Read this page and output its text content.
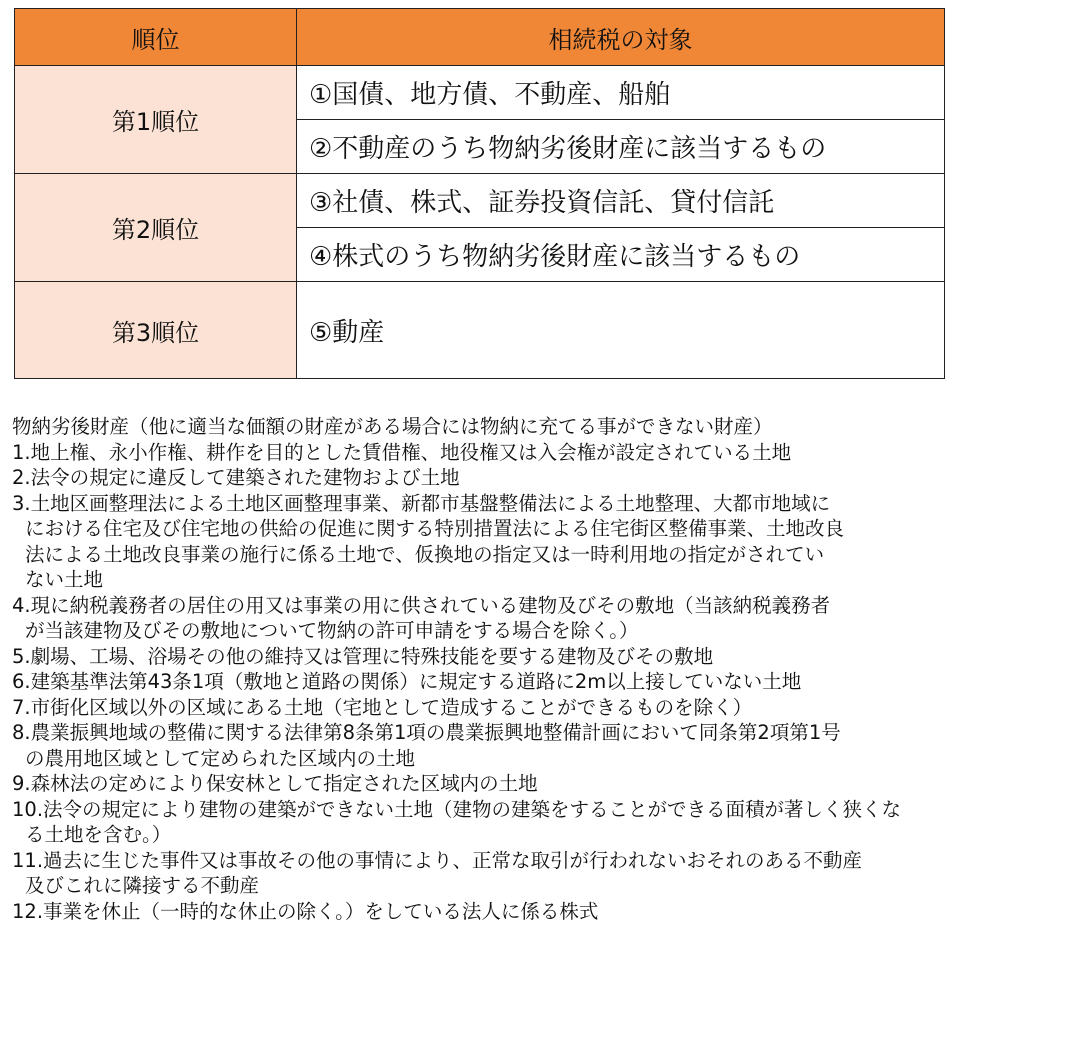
順位	相続税の対象
第1順位	①国債、地方債、不動産、船舶
	②不動産のうち物納劣後財産に該当するもの
第2順位	③社債、株式、証券投資信託、貸付信託
	④株式のうち物納劣後財産に該当するもの
第3順位	⑤動産
物納劣後財産（他に適当な価額の財産がある場合には物納に充てる事ができない財産）
1.地上権、永小作権、耕作を目的とした賃借権、地役権又は入会権が設定されている土地
2.法令の規定に違反して建築された建物および土地
3.土地区画整理法による土地区画整理事業、新都市基盤整備法による土地整理、大都市地域に
における住宅及び住宅地の供給の促進に関する特別措置法による住宅街区整備事業、土地改良
法による土地改良事業の施行に係る土地で、仮換地の指定又は一時利用地の指定がされてい
ない土地
4.現に納税義務者の居住の用又は事業の用に供されている建物及びその敷地（当該納税義務者
が当該建物及びその敷地について物納の許可申請をする場合を除く。）
5.劇場、工場、浴場その他の維持又は管理に特殊技能を要する建物及びその敷地
6.建築基準法第43条1項（敷地と道路の関係）に規定する道路に2m以上接していない土地
7.市街化区域以外の区域にある土地（宅地として造成することができるものを除く）
8.農業振興地域の整備に関する法律第8条第1項の農業振興地整備計画において同条第2項第1号
の農用地区域として定められた区域内の土地
9.森林法の定めにより保安林として指定された区域内の土地
10.法令の規定により建物の建築ができない土地（建物の建築をすることができる面積が著しく狭くな
る土地を含む。）
11.過去に生じた事件又は事故その他の事情により、正常な取引が行われないおそれのある不動産
及びこれに隣接する不動産
12.事業を休止（一時的な休止の除く。）をしている法人に係る株式
